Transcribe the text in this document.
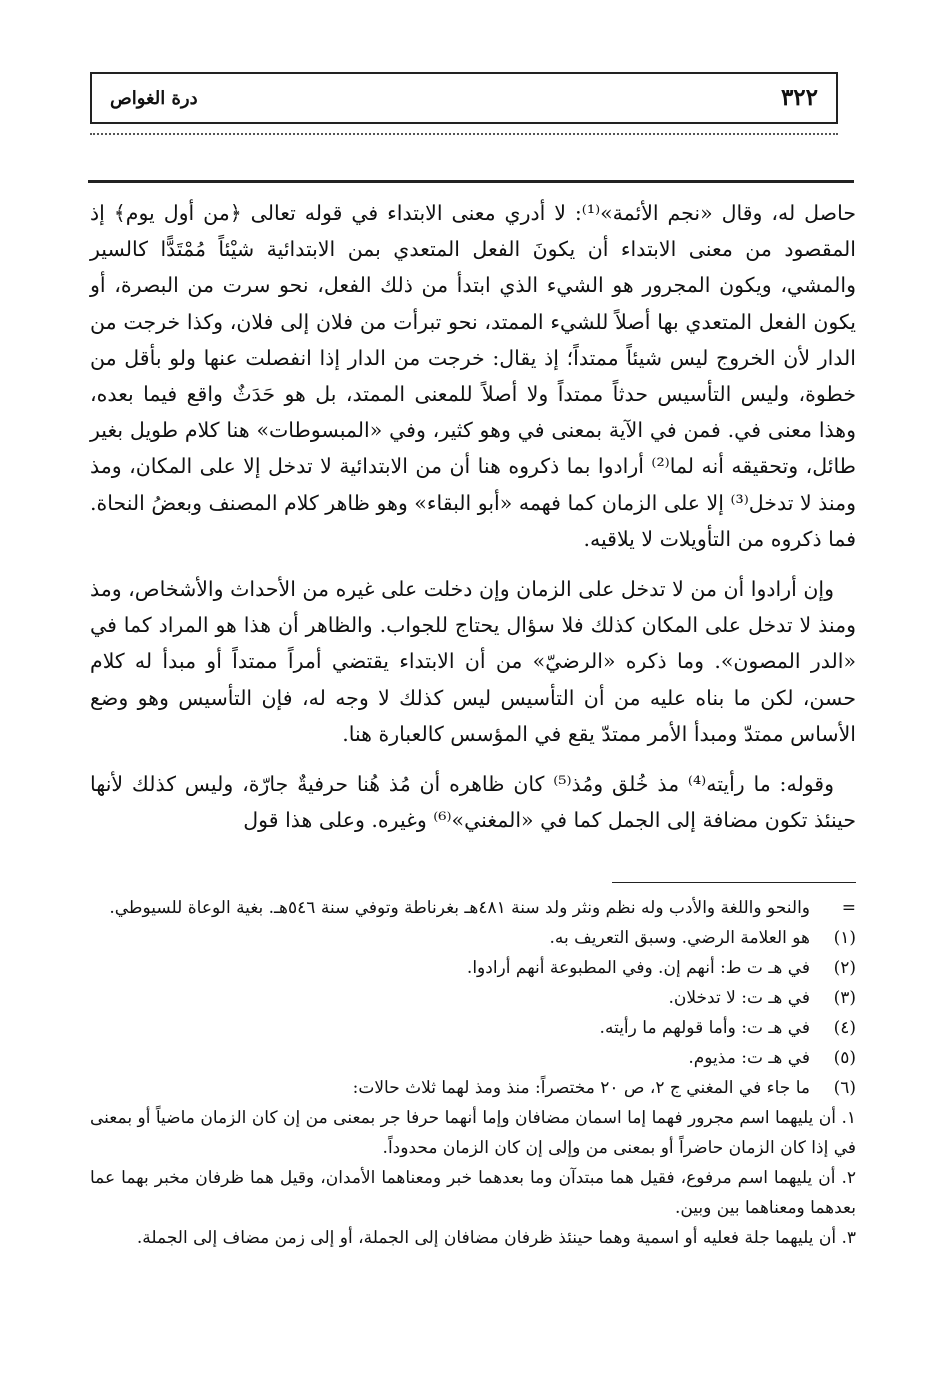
٣٢٢
درة الغواص

حاصل له، وقال «نجم الأئمة»⁽¹⁾: لا أدري معنى الابتداء في قوله تعالى ﴿من أول يوم﴾ إذ المقصود من معنى الابتداء أن يكونَ الفعل المتعدي بمن الابتدائية شيْئاً مُمْتَدًّا كالسير والمشي، ويكون المجرور هو الشيء الذي ابتدأ من ذلك الفعل، نحو سرت من البصرة، أو يكون الفعل المتعدي بها أصلاً للشيء الممتد، نحو تبرأت من فلان إلى فلان، وكذا خرجت من الدار لأن الخروج ليس شيئاً ممتداً؛ إذ يقال: خرجت من الدار إذا انفصلت عنها ولو بأقل من خطوة، وليس التأسيس حدثاً ممتداً ولا أصلاً للمعنى الممتد، بل هو حَدَثٌ واقع فيما بعده، وهذا معنى في. فمن في الآية بمعنى في وهو كثير، وفي «المبسوطات» هنا كلام طويل بغير طائل، وتحقيقه أنه لما⁽²⁾ أرادوا بما ذكروه هنا أن من الابتدائية لا تدخل إلا على المكان، ومذ ومنذ لا تدخل⁽³⁾ إلا على الزمان كما فهمه «أبو البقاء» وهو ظاهر كلام المصنف وبعضُ النحاة. فما ذكروه من التأويلات لا يلاقيه.

وإن أرادوا أن من لا تدخل على الزمان وإن دخلت على غيره من الأحداث والأشخاص، ومذ ومنذ لا تدخل على المكان كذلك فلا سؤال يحتاج للجواب. والظاهر أن هذا هو المراد كما في «الدر المصون». وما ذكره «الرضيّ» من أن الابتداء يقتضي أمراً ممتداً أو مبدأ له كلام حسن، لكن ما بناه عليه من أن التأسيس ليس كذلك لا وجه له، فإن التأسيس وهو وضع الأساس ممتدّ ومبدأ الأمر ممتدّ يقع في المؤسس كالعبارة هنا.

وقوله: ما رأيته⁽⁴⁾ مذ خُلق ومُذ⁽⁵⁾ كان ظاهره أن مُذ هُنا حرفيةٌ جارّة، وليس كذلك لأنها حينئذ تكون مضافة إلى الجمل كما في «المغني»⁽⁶⁾ وغيره. وعلى هذا قول

=
والنحو واللغة والأدب وله نظم ونثر ولد سنة ٤٨١هـ بغرناطة وتوفي سنة ٥٤٦هـ. بغية الوعاة للسيوطي.
(١)
هو العلامة الرضي. وسبق التعريف به.
(٢)
في هـ ت ط: أنهم إن. وفي المطبوعة أنهم أرادوا.
(٣)
في هـ ت: لا تدخلان.
(٤)
في هـ ت: وأما قولهم ما رأيته.
(٥)
في هـ ت: مذيوم.
(٦)
ما جاء في المغني ج ٢، ص ٢٠ مختصراً: منذ ومذ لهما ثلاث حالات:
١. أن يليهما اسم مجرور فهما إما اسمان مضافان وإما أنهما حرفا جر بمعنى من إن كان الزمان ماضياً أو بمعنى في إذا كان الزمان حاضراً أو بمعنى من وإلى إن كان الزمان محدوداً.
٢. أن يليهما اسم مرفوع، فقيل هما مبتدآن وما بعدهما خبر ومعناهما الأمدان، وقيل هما ظرفان مخبر بهما عما بعدهما ومعناهما بين وبين.
٣. أن يليهما جلة فعليه أو اسمية وهما حينئذ ظرفان مضافان إلى الجملة، أو إلى زمن مضاف إلى الجملة.
